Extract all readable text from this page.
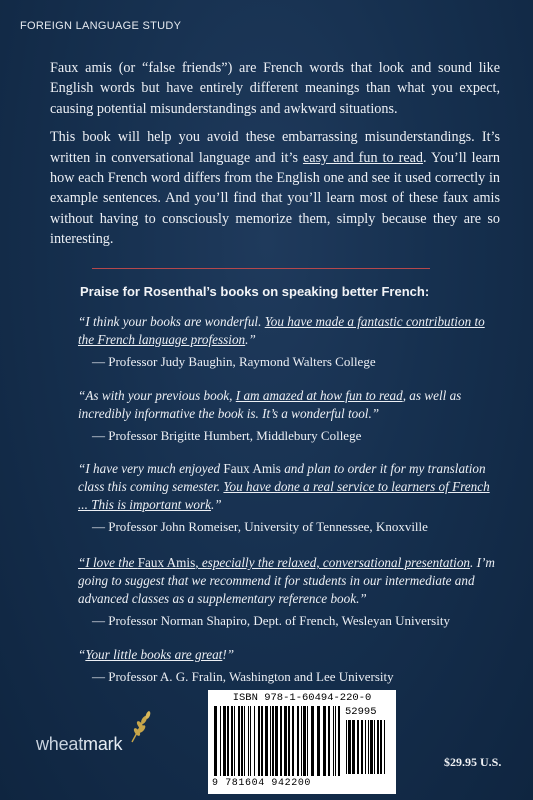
FOREIGN LANGUAGE STUDY

Faux amis (or “false friends”) are French words that look and sound like English words but have entirely different meanings than what you expect, causing potential misunderstandings and awkward situations.

This book will help you avoid these embarrassing misunderstandings. It’s written in conversational language and it’s easy and fun to read. You’ll learn how each French word differs from the English one and see it used correctly in example sentences. And you’ll find that you’ll learn most of these faux amis without having to consciously memorize them, simply because they are so interesting.

Praise for Rosenthal’s books on speaking better French:
“I think your books are wonderful. You have made a fantastic contribution to the French language profession.”
— Professor Judy Baughin, Raymond Walters College
“As with your previous book, I am amazed at how fun to read, as well as incredibly informative the book is. It’s a wonderful tool.”
— Professor Brigitte Humbert, Middlebury College
“I have very much enjoyed Faux Amis and plan to order it for my translation class this coming semester. You have done a real service to learners of French ... This is important work.”
— Professor John Romeiser, University of Tennessee, Knoxville
“I love the Faux Amis, especially the relaxed, conversational presentation. I’m going to suggest that we recommend it for students in our intermediate and advanced classes as a supplementary reference book.”
— Professor Norman Shapiro, Dept. of French, Wesleyan University
“Your little books are great!”
— Professor A. G. Fralin, Washington and Lee University
wheatmark
ISBN 978-1-60494-220-0
52995
9 781604 942200
$29.95 U.S.
